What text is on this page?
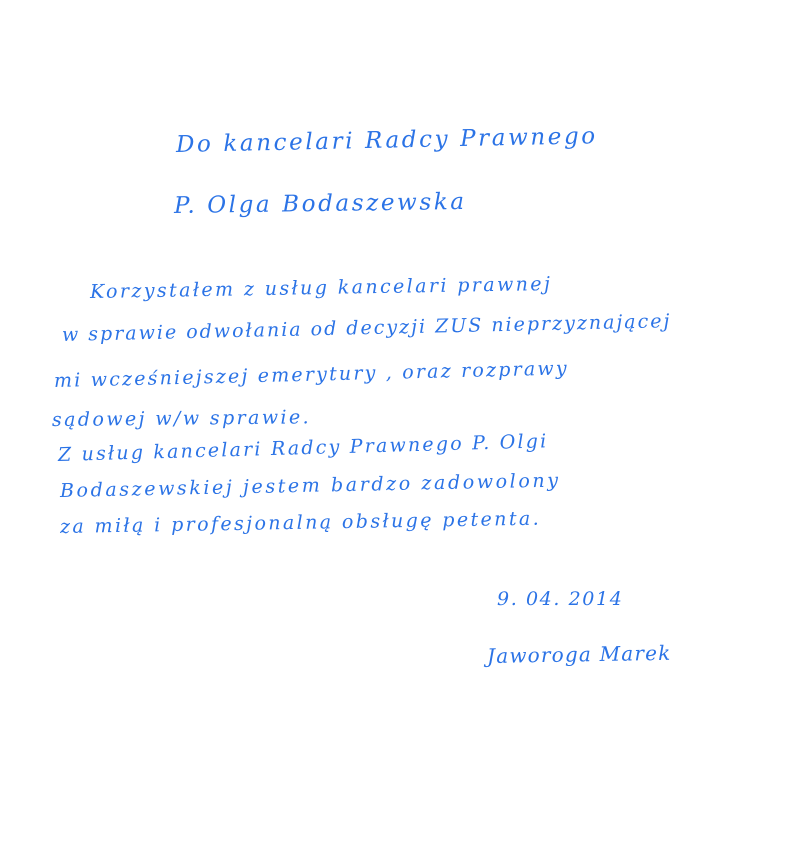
Do kancelari Radcy Prawnego
P. Olga Bodaszewska
Korzystałem z usług kancelari prawnej
w sprawie odwołania od decyzji ZUS nieprzyznającej
mi wcześniejszej emerytury , oraz rozprawy
sądowej w/w sprawie.
Z usług kancelari Radcy Prawnego P. Olgi
Bodaszewskiej jestem bardzo zadowolony
za miłą i profesjonalną obsługę petenta.
9. 04. 2014
Jaworoga Marek
